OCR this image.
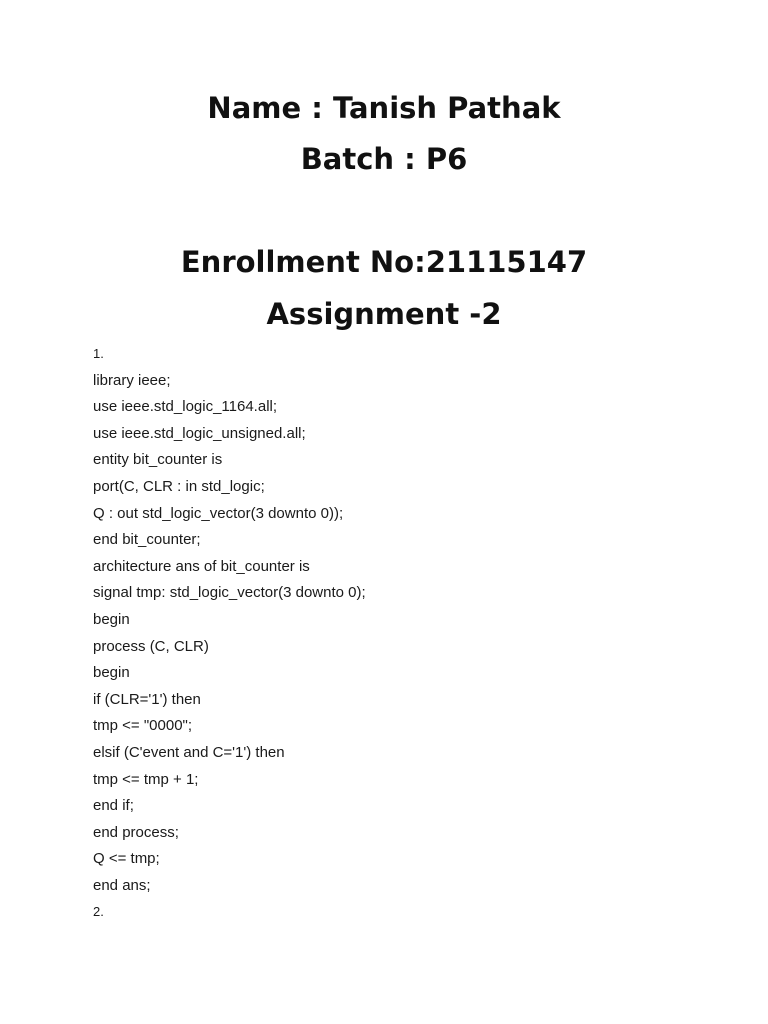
Name : Tanish Pathak
Batch : P6
Enrollment No:21115147
Assignment -2
1.
library ieee;
use ieee.std_logic_1164.all;
use ieee.std_logic_unsigned.all;
entity bit_counter is
port(C, CLR : in std_logic;
Q : out std_logic_vector(3 downto 0));
end bit_counter;
architecture ans of bit_counter is
signal tmp: std_logic_vector(3 downto 0);
begin
process (C, CLR)
begin
if (CLR='1') then
tmp <= "0000";
elsif (C'event and C='1') then
tmp <= tmp + 1;
end if;
end process;
Q <= tmp;
end ans;
2.
